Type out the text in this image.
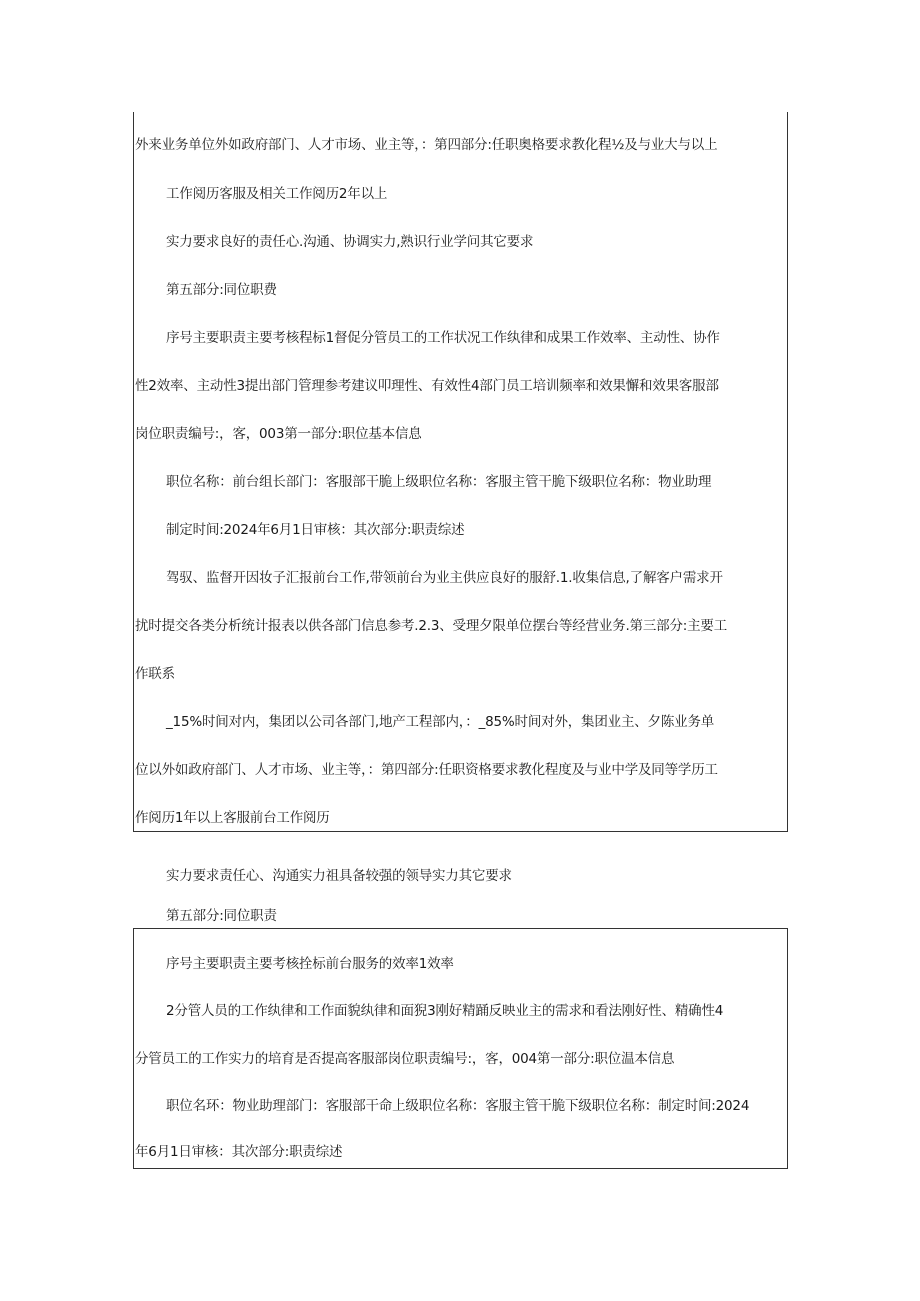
外来业务单位外如政府部门、人才市场、业主等，：第四部分:任职奥格要求教化程½及与业大与以上
工作阅历客服及相关工作阅历2年以上
实力要求良好的责任心.沟通、协调实力,熟识行业学问其它要求
第五部分:同位职费
序号主要职责主要考核程标1督促分管员工的工作状况工作纨律和成果工作效率、主动性、协作
性2效率、主动性3提出部门管理参考建议叩理性、有效性4部门员工培训频率和效果懈和效果客服部
岗位职责编号:，客，003第一部分:职位基本信息
职位名称：前台组长部门：客服部干脆上级职位名称：客服主管干脆下级职位名称：物业助理
制定时间:2024年6月1日审核：其次部分:职责综述
驾驭、监督开因妆子汇报前台工作,带领前台为业主供应良好的服舒.1.收集信息,了解客户需求开
扰时提交各类分析统计报表以供各部门信息参考.2.3、受理夕限单位摆台等经营业务.第三部分:主要工
作联系
_15%时间对内，集团以公司各部门,地产工程部内，：_85%时间对外，集团业主、夕陈业务单
位以外如政府部门、人才市场、业主等，：第四部分:任职资格要求教化程度及与业中学及同等学历工
作阅历1年以上客服前台工作阅历
实力要求责任心、沟通实力祖具备较强的领导实力其它要求
第五部分:同位职责
序号主要职责主要考核拴标前台服务的效率1效率
2分管人员的工作纨律和工作面貌纨律和面猊3刚好精踊反映业主的需求和看法刚好性、精确性4
分管员工的工作实力的培育是否提高客服部岗位职责编号:，客，004第一部分:职位温本信息
职位名环：物业助理部门：客服部干命上级职位名称：客服主管干脆下级职位名称：制定时间:2024
年6月1日审核：其次部分:职责综述
